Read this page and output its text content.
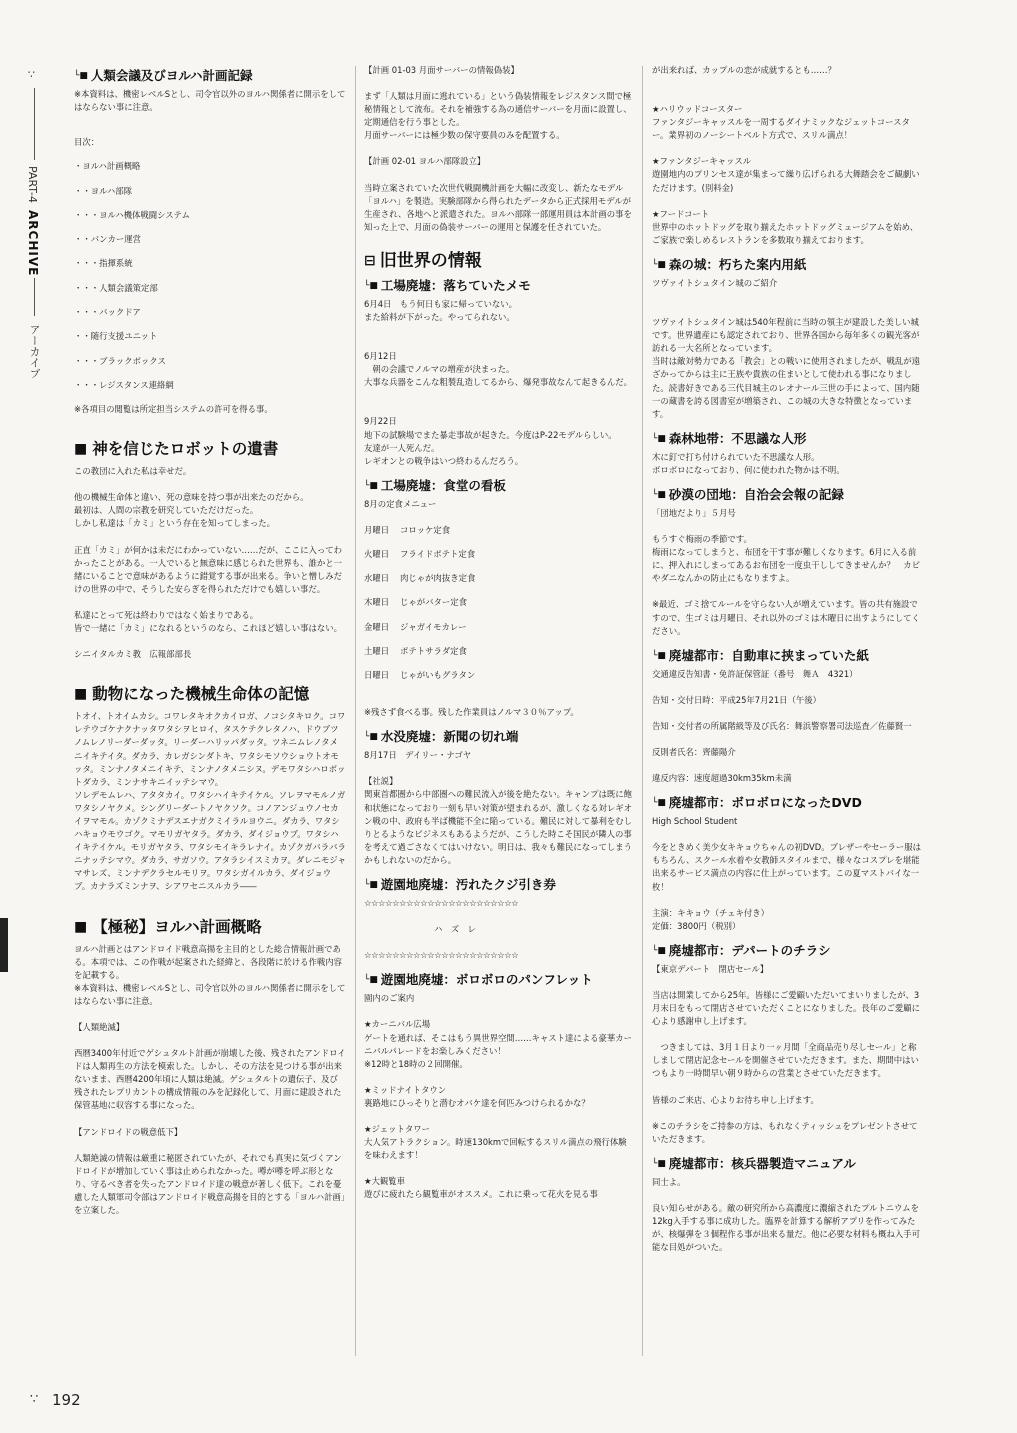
∵
PART-4
ARCHIVE
アーカイブ
└■ 人類会議及びヨルハ計画記録

※本資料は、機密レベルSとし、司令官以外のヨルハ関係者に開示をしてはならない事に注意。

目次：

・ヨルハ計画概略

・・ヨルハ部隊

・・・ヨルハ機体戦闘システム

・・バンカー運営

・・・指揮系統

・・・人類会議策定部

・・・バックドア

・・随行支援ユニット

・・・ブラックボックス

・・・レジスタンス連絡網

※各項目の閲覧は所定担当システムの許可を得る事。

■ 神を信じたロボットの遺書

この教団に入れた私は幸せだ。

他の機械生命体と違い、死の意味を持つ事が出来たのだから。
最初は、人間の宗教を研究していただけだった。
しかし私達は「カミ」という存在を知ってしまった。

正直「カミ」が何かは未だにわかっていない……だが、ここに入ってわかったことがある。一人でいると無意味に感じられた世界も、誰かと一緒にいることで意味があるように錯覚する事が出来る。争いと憎しみだけの世界の中で、そうした安らぎを得られただけでも嬉しい事だ。

私達にとって死は終わりではなく始まりである。
皆で一緒に「カミ」になれるというのなら、これほど嬉しい事はない。

シニイタルカミ教　広報部部長

■ 動物になった機械生命体の記憶

トオイ、トオイムカシ。コワレタキオクカイロガ、ノコシタキロク。コワレテウゴケナクナッタワタシヲヒロイ、タスケテクレタノハ、ドウブツノムレノリーダーダッタ。リーダーハリッパダッタ。ツネニムレノタメニイキテイタ。ダカラ、カレガシンダトキ、ワタシモソウショウトオモッタ。ミンナノタメニイキテ、ミンナノタメニシヌ。デモワタシハロボットダカラ、ミンナサキニイッテシマウ。

ソレデモムレハ、アタタカイ。ワタシハイキテイケル。ソレヲマモルノガワタシノヤクメ。シングリーダートノヤクソク。コノアンジュウノセカイヲマモル。カゾクミナデスエナガクミイラルヨウニ。ダカラ、ワタシハキョウモウゴク。マモリガヤタラ。ダカラ、ダイジョウブ。ワタシハイキテイケル。モリガヤタラ、ワタシモイキラレナイ。カゾクガバラバラニナッテシマウ。ダカラ、サガソウ。アタラシイスミカヲ。ダレニモジャマサレズ、ミンナデクラセルモリヲ。ワタシガイルカラ、ダイジョウブ。カナラズミンナヲ、シアワセニスルカラ――

■ 【極秘】ヨルハ計画概略

ヨルハ計画とはアンドロイド戦意高揚を主目的とした総合情報計画である。本項では、この作戦が起案された経緯と、各段階に於ける作戦内容を記載する。
※本資料は、機密レベルSとし、司令官以外のヨルハ関係者に開示をしてはならない事に注意。

【人類絶滅】

西暦3400年付近でゲシュタルト計画が崩壊した後、残されたアンドロイドは人類再生の方法を模索した。しかし、その方法を見つける事が出来ないまま、西暦4200年頃に人類は絶滅。ゲシュタルトの遺伝子、及び残されたレプリカントの構成情報のみを記録化して、月面に建設された保管基地に収容する事になった。

【アンドロイドの戦意低下】

人類絶滅の情報は厳重に秘匿されていたが、それでも真実に気づくアンドロイドが増加していく事は止められなかった。噂が噂を呼ぶ形となり、守るべき者を失ったアンドロイド達の戦意が著しく低下。これを憂慮した人類軍司令部はアンドロイド戦意高揚を目的とする「ヨルハ計画」を立案した。

【計画 01-03 月面サーバーの情報偽装】

まず「人類は月面に逃れている」という偽装情報をレジスタンス間で極秘情報として流布。それを補強する為の通信サーバーを月面に設置し、定期通信を行う事とした。
月面サーバーには極少数の保守要員のみを配置する。

【計画 02-01 ヨルハ部隊設立】

当時立案されていた次世代戦闘機計画を大幅に改変し、新たなモデル「ヨルハ」を製造。実験部隊から得られたデータから正式採用モデルが生産され、各地へと派遣された。ヨルハ部隊一部運用員は本計画の事を知った上で、月面の偽装サーバーの運用と保護を任されていた。

⊟ 旧世界の情報
└■ 工場廃墟：落ちていたメモ

6月4日　もう何日も家に帰っていない。
また給料が下がった。やってられない。

6月12日
　朝の会議でノルマの増産が決まった。
大事な兵器をこんな粗製乱造してるから、爆発事故なんて起きるんだ。

9月22日
地下の試験場でまた暴走事故が起きた。今度はP-22モデルらしい。
友達が一人死んだ。
レギオンとの戦争はいつ終わるんだろう。

└■ 工場廃墟：食堂の看板

8月の定食メニュー

月曜日	コロッケ定食
火曜日	フライドポテト定食
水曜日	肉じゃが肉抜き定食
木曜日	じゃがバター定食
金曜日	ジャガイモカレー
土曜日	ポテトサラダ定食
日曜日	じゃがいもグラタン

※残さず食べる事。残した作業員はノルマ３０％アップ。

└■ 水没廃墟：新聞の切れ端

8月17日　デイリー・ナゴヤ

【社説】

関東首都圏から中部圏への難民流入が後を絶たない。キャンプは既に飽和状態になっており一刻も早い対策が望まれるが、激しくなる対レギオン戦の中、政府も半ば機能不全に陥っている。難民に対して暴利をむしりとるようなビジネスもあるようだが、こうした時こそ国民が隣人の事を考えて過ごさなくてはいけない。明日は、我々も難民になってしまうかもしれないのだから。

└■ 遊園地廃墟：汚れたクジ引き券

☆☆☆☆☆☆☆☆☆☆☆☆☆☆☆☆☆☆☆☆☆☆

ハ　ズ　レ

☆☆☆☆☆☆☆☆☆☆☆☆☆☆☆☆☆☆☆☆☆☆

└■ 遊園地廃墟：ボロボロのパンフレット

園内のご案内

★カーニバル広場

ゲートを通れば、そこはもう異世界空間……キャスト達による豪華カーニバルパレードをお楽しみください！
※12時と18時の２回開催。

★ミッドナイトタウン

裏路地にひっそりと潜むオバケ達を何匹みつけられるかな？

★ジェットタワー

大人気アトラクション。時速130kmで回転するスリル満点の飛行体験を味わえます！

★大観覧車

遊びに疲れたら観覧車がオススメ。これに乗って花火を見る事

が出来れば、カップルの恋が成就するとも……？

★ハリウッドコースター

ファンタジーキャッスルを一周するダイナミックなジェットコースター。業界初のノーシートベルト方式で、スリル満点！

★ファンタジーキャッスル

遊園地内のプリンセス達が集まって繰り広げられる大舞踏会をご観劇いただけます。(別料金)

★フードコート

世界中のホットドッグを取り揃えたホットドッグミュージアムを始め、ご家族で楽しめるレストランを多数取り揃えております。

└■ 森の城：朽ちた案内用紙

ツヴァイトシュタイン城のご紹介

ツヴァイトシュタイン城は540年程前に当時の領主が建設した美しい城です。世界遺産にも認定されており、世界各国から毎年多くの観光客が訪れる一大名所となっています。
当时は敵対勢力である「教会」との戦いに使用されましたが、戦乱が遠ざかってからは主に王族や貴族の住まいとして使われる事になりました。読書好きである三代目城主のレオナール三世の手によって、国内随一の蔵書を誇る図書室が増築され、この城の大きな特徴となっています。

└■ 森林地帯：不思議な人形

木に釘で打ち付けられていた不思議な人形。
ボロボロになっており、何に使われた物かは不明。

└■ 砂漠の団地：自治会会報の記録

「団地だより」５月号

もうすぐ梅雨の季節です。
梅雨になってしまうと、布団を干す事が難しくなります。6月に入る前に、押入れにしまってあるお布団を一度虫干ししてきませんか？　カビやダニなんかの防止にもなりますよ。

※最近、ゴミ捨てルールを守らない人が増えています。皆の共有施設ですので、生ゴミは月曜日、それ以外のゴミは木曜日に出すようにしてください。

└■ 廃墟都市：自動車に挟まっていた紙

交通違反告知書・免許証保管証（番号　舞Ａ　4321）

告知・交付日時：平成25年7月21日（午後）

告知・交付者の所属階級等及び氏名：舞浜警察署司法巡査／佐藤賢一

反則者氏名：齊藤陽介

違反内容：速度超過30km35km未満

└■ 廃墟都市：ボロボロになったDVD

High School Student

今をときめく美少女キキョウちゃんの初DVD。ブレザーやセーラー服はもちろん、スクール水着や女教師スタイルまで、様々なコスプレを堪能出来るサービス満点の内容に仕上がっています。この夏マストバイな一枚！

主演：キキョウ（チェキ付き）

定価：3800円（税別）

└■ 廃墟都市：デパートのチラシ

【東京デパート　閉店セール】

当店は開業してから25年。皆様にご愛顧いただいてまいりましたが、3月末日をもって閉店させていただくことになりました。長年のご愛顧に心より感謝申し上げます。

　つきましては、3月１日より一ヶ月間「全商品売り尽しセール」と称しまして閉店記念セールを開催させていただきます。また、期間中はいつもより一時間早い朝９時からの営業とさせていただきます。

皆様のご来店、心よりお待ち申し上げます。

※このチラシをご持参の方は、もれなくティッシュをプレゼントさせていただきます。

└■ 廃墟都市：核兵器製造マニュアル

同士よ。

良い知らせがある。敵の研究所から高濃度に濃縮されたプルトニウムを12kg入手する事に成功した。臨界を計算する解析アプリを作ってみたが、核爆弾を３個程作る事が出来る量だ。他に必要な材料も概ね入手可能な目処がついた。

∵ 192
